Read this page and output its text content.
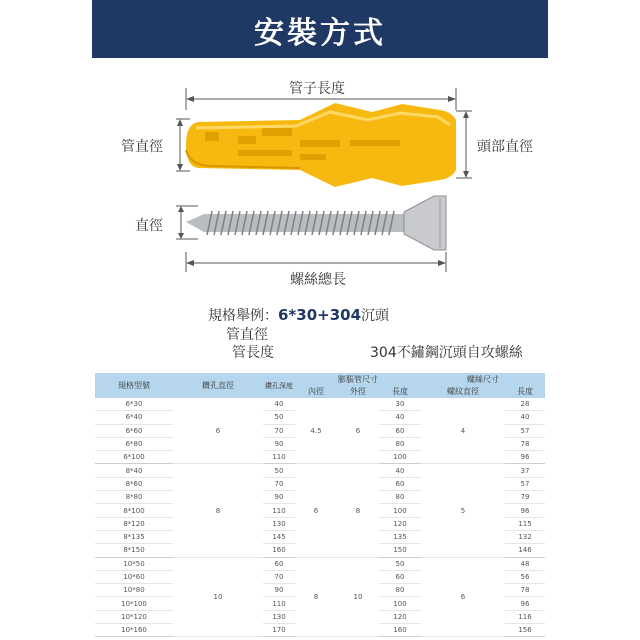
安裝方式
管子長度
管直徑	頭部直徑
直徑
螺絲總長
規格舉例：6*30+304沉頭
管直徑
管長度	304不鏽鋼沉頭自攻螺絲
規格型號	鑽孔直徑	鑽孔深度	膨脹管尺寸			螺絲尺寸	
			內徑	外徑	長度	螺紋直徑	長度
6*30	6	40	4.5	6	30	4	28
6*40		50			40		40
6*60		70			60		57
6*80		90			80		78
6*100		110			100		96
8*40	8	50	6	8	40	5	37
8*60		70			60		57
8*80		90			80		79
8*100		110			100		96
8*120		130			120		115
8*135		145			135		132
8*150		160			150		146
10*50	10	60	8	10	50	6	48
10*60		70			60		56
10*80		90			80		78
10*100		110			100		96
10*120		130			120		116
10*160		170			160		156
